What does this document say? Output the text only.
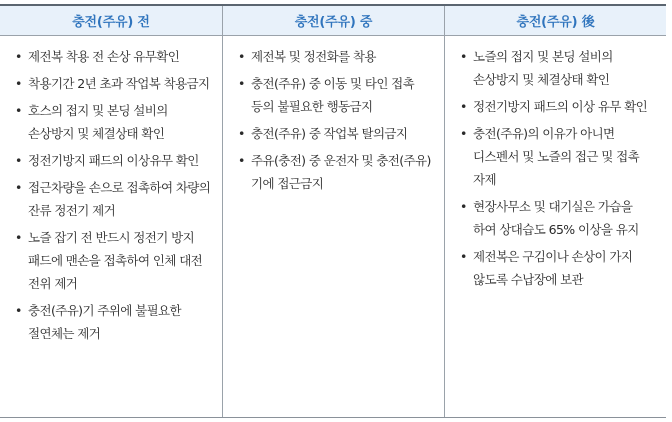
충전(주유) 전
• 제전복 착용 전 손상 유무확인
• 착용기간 2년 초과 작업복 착용금지
• 호스의 접지 및 본딩 설비의 손상방지 및 체결상태 확인
• 정전기방지 패드의 이상유무 확인
• 접근차량을 손으로 접촉하여 차량의 잔류 정전기 제거
• 노즐 잡기 전 반드시 정전기 방지 패드에 맨손을 접촉하여 인체 대전 전위 제거
• 충전(주유)기 주위에 불필요한 절연체는 제거
충전(주유) 중
• 제전복 및 정전화를 착용
• 충전(주유) 중 이동 및 타인 접촉 등의 불필요한 행동금지
• 충전(주유) 중 작업복 탈의금지
• 주유(충전) 중 운전자 및 충전(주유)기에 접근금지
충전(주유) 後
• 노즐의 접지 및 본딩 설비의 손상방지 및 체결상태 확인
• 정전기방지 패드의 이상 유무 확인
• 충전(주유)의 이유가 아니면 디스펜서 및 노즐의 접근 및 접촉 자제
• 현장사무소 및 대기실은 가습을 하여 상대습도 65% 이상을 유지
• 제전복은 구김이나 손상이 가지 않도록 수납장에 보관
